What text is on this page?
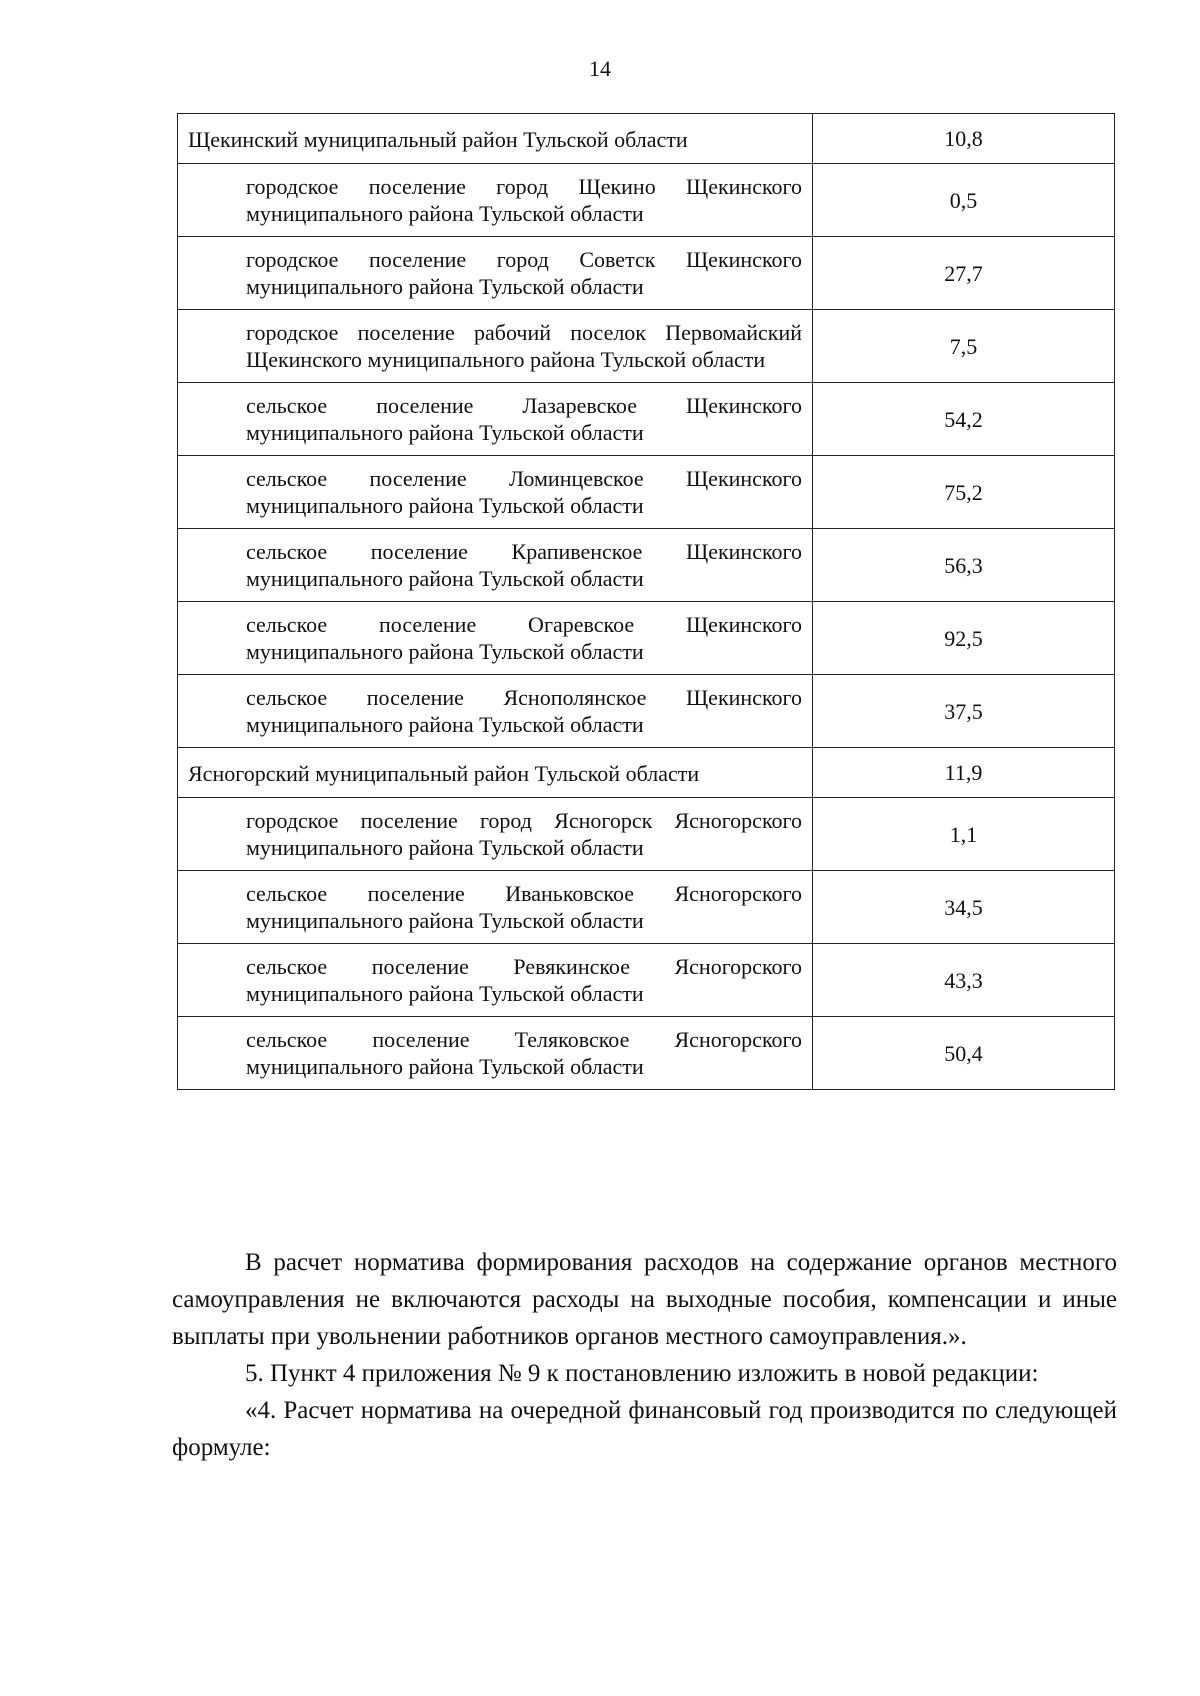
14
Щекинский муниципальный район Тульской области	10,8
городское поселение город Щекино Щекинского муниципального района Тульской области	0,5
городское поселение город Советск Щекинского муниципального района Тульской области	27,7
городское поселение рабочий поселок Первомайский Щекинского муниципального района Тульской области	7,5
сельское поселение Лазаревское Щекинского муниципального района Тульской области	54,2
сельское поселение Ломинцевское Щекинского муниципального района Тульской области	75,2
сельское поселение Крапивенское Щекинского муниципального района Тульской области	56,3
сельское поселение Огаревское Щекинского муниципального района Тульской области	92,5
сельское поселение Яснополянское Щекинского муниципального района Тульской области	37,5
Ясногорский муниципальный район Тульской области	11,9
городское поселение город Ясногорск Ясногорского муниципального района Тульской области	1,1
сельское поселение Иваньковское Ясногорского муниципального района Тульской области	34,5
сельское поселение Ревякинское Ясногорского муниципального района Тульской области	43,3
сельское поселение Теляковское Ясногорского муниципального района Тульской области	50,4

В расчет норматива формирования расходов на содержание органов местного самоуправления не включаются расходы на выходные пособия, компенсации и иные выплаты при увольнении работников органов местного самоуправления.».

5. Пункт 4 приложения № 9 к постановлению изложить в новой редакции:

«4. Расчет норматива на очередной финансовый год производится по следующей формуле:
